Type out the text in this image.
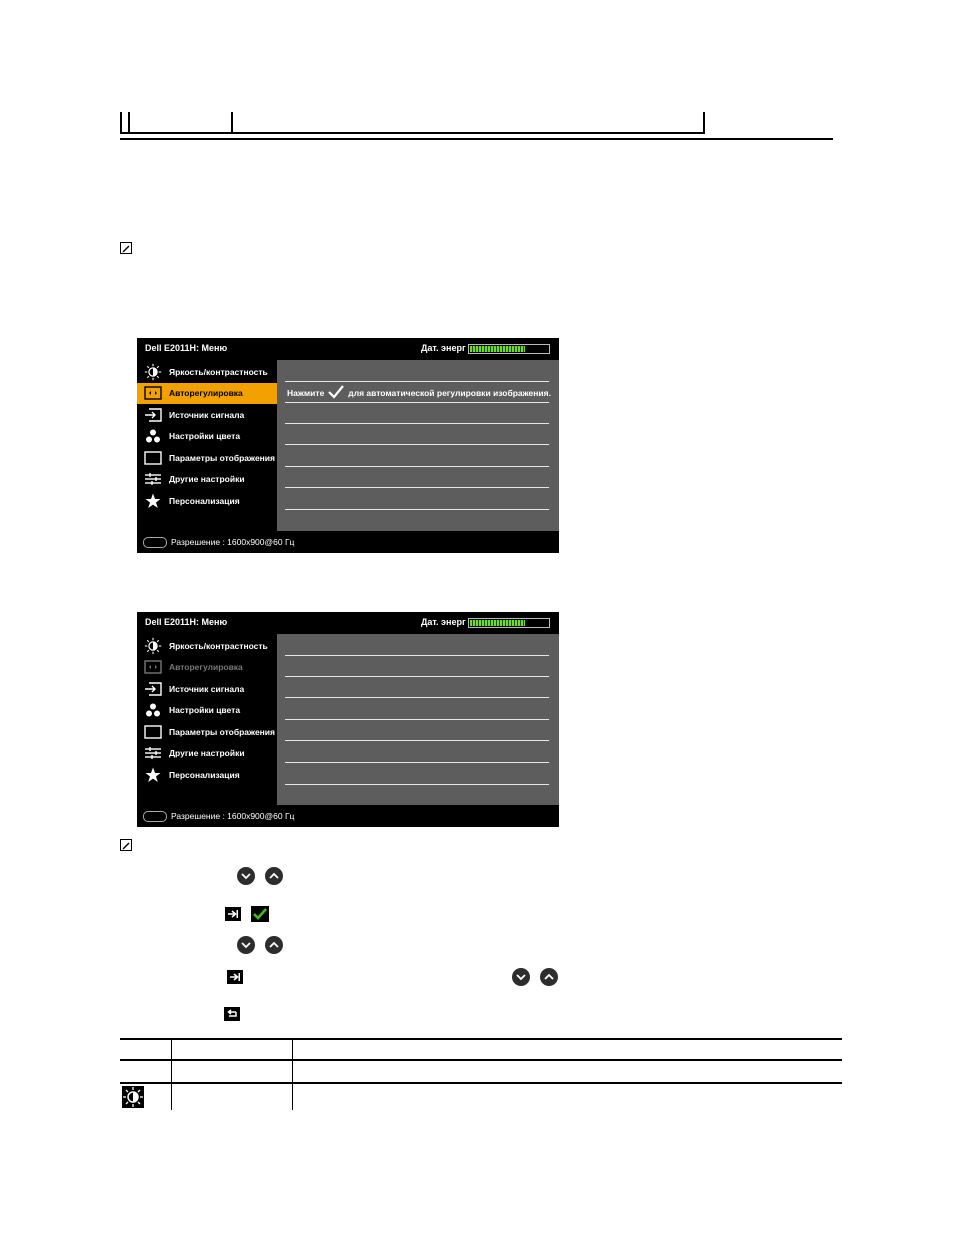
Dell E2011H: Меню	Дат. энерг
Яркость/контрастность
Авторегулировка
Источник сигнала
Настройки цвета
Параметры отображения
Другие настройки
Персонализация
Нажмите	для автоматической регулировки изображения.
Разрешение : 1600x900@60 Гц
Dell E2011H: Меню	Дат. энерг
Яркость/контрастность
Авторегулировка
Источник сигнала
Настройки цвета
Параметры отображения
Другие настройки
Персонализация
Разрешение : 1600x900@60 Гц
